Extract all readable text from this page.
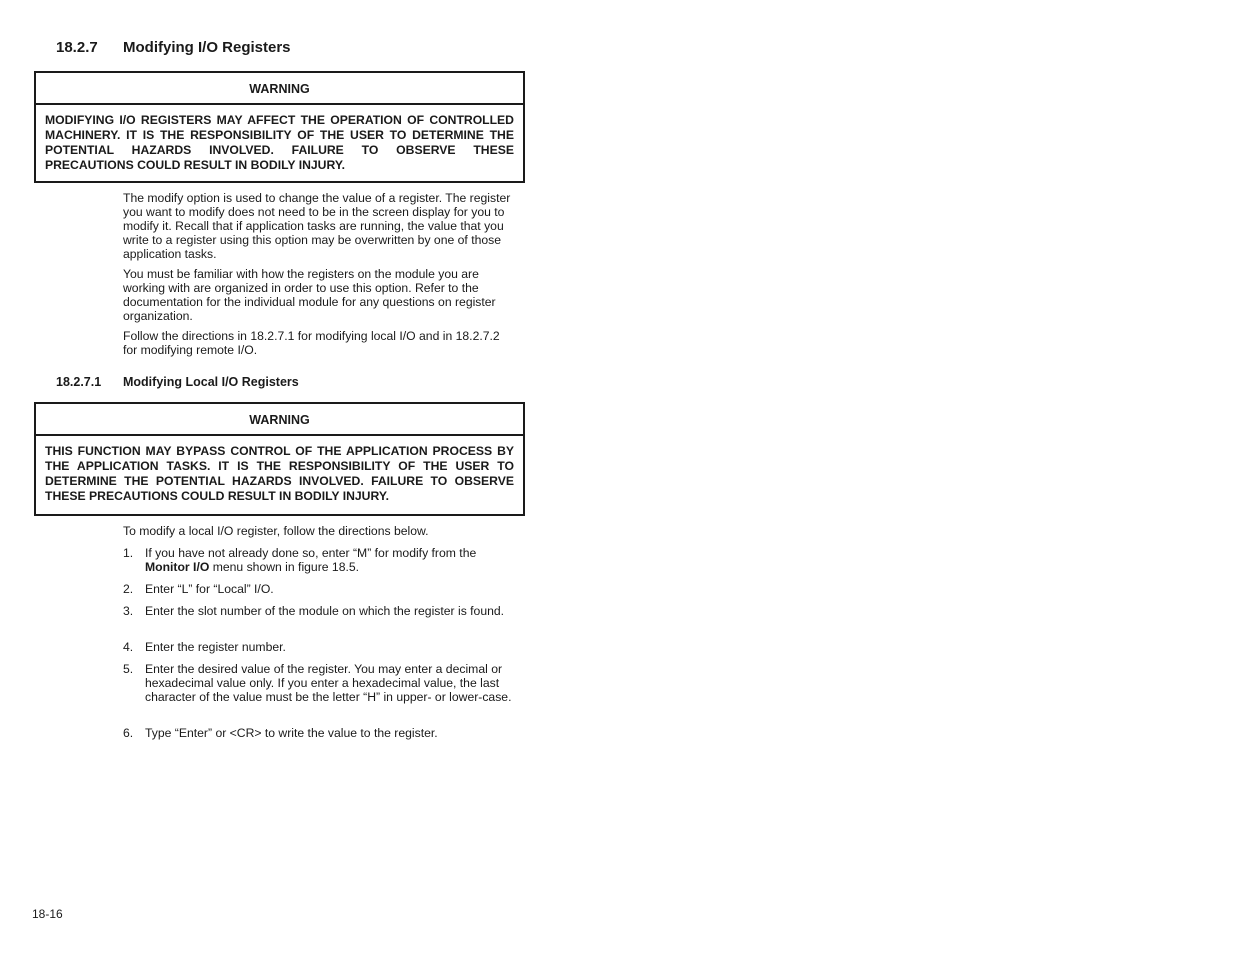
18.2.7 Modifying I/O Registers
WARNING
MODIFYING I/O REGISTERS MAY AFFECT THE OPERATION OF CONTROLLED MACHINERY. IT IS THE RESPONSIBILITY OF THE USER TO DETERMINE THE POTENTIAL HAZARDS INVOLVED. FAILURE TO OBSERVE THESE PRECAUTIONS COULD RESULT IN BODILY INJURY.

The modify option is used to change the value of a register. The register you want to modify does not need to be in the screen display for you to modify it. Recall that if application tasks are running, the value that you write to a register using this option may be overwritten by one of those application tasks.

You must be familiar with how the registers on the module you are working with are organized in order to use this option. Refer to the documentation for the individual module for any questions on register organization.

Follow the directions in 18.2.7.1 for modifying local I/O and in 18.2.7.2 for modifying remote I/O.

18.2.7.1 Modifying Local I/O Registers
WARNING
THIS FUNCTION MAY BYPASS CONTROL OF THE APPLICATION PROCESS BY THE APPLICATION TASKS. IT IS THE RESPONSIBILITY OF THE USER TO DETERMINE THE POTENTIAL HAZARDS INVOLVED. FAILURE TO OBSERVE THESE PRECAUTIONS COULD RESULT IN BODILY INJURY.

To modify a local I/O register, follow the directions below.

1. If you have not already done so, enter “M” for modify from the Monitor I/O menu shown in figure 18.5.
2. Enter “L” for “Local” I/O.
3. Enter the slot number of the module on which the register is found.
4. Enter the register number.
5. Enter the desired value of the register. You may enter a decimal or hexadecimal value only. If you enter a hexadecimal value, the last character of the value must be the letter “H” in upper- or lower-case.
6. Type “Enter” or <CR> to write the value to the register.
18-16
